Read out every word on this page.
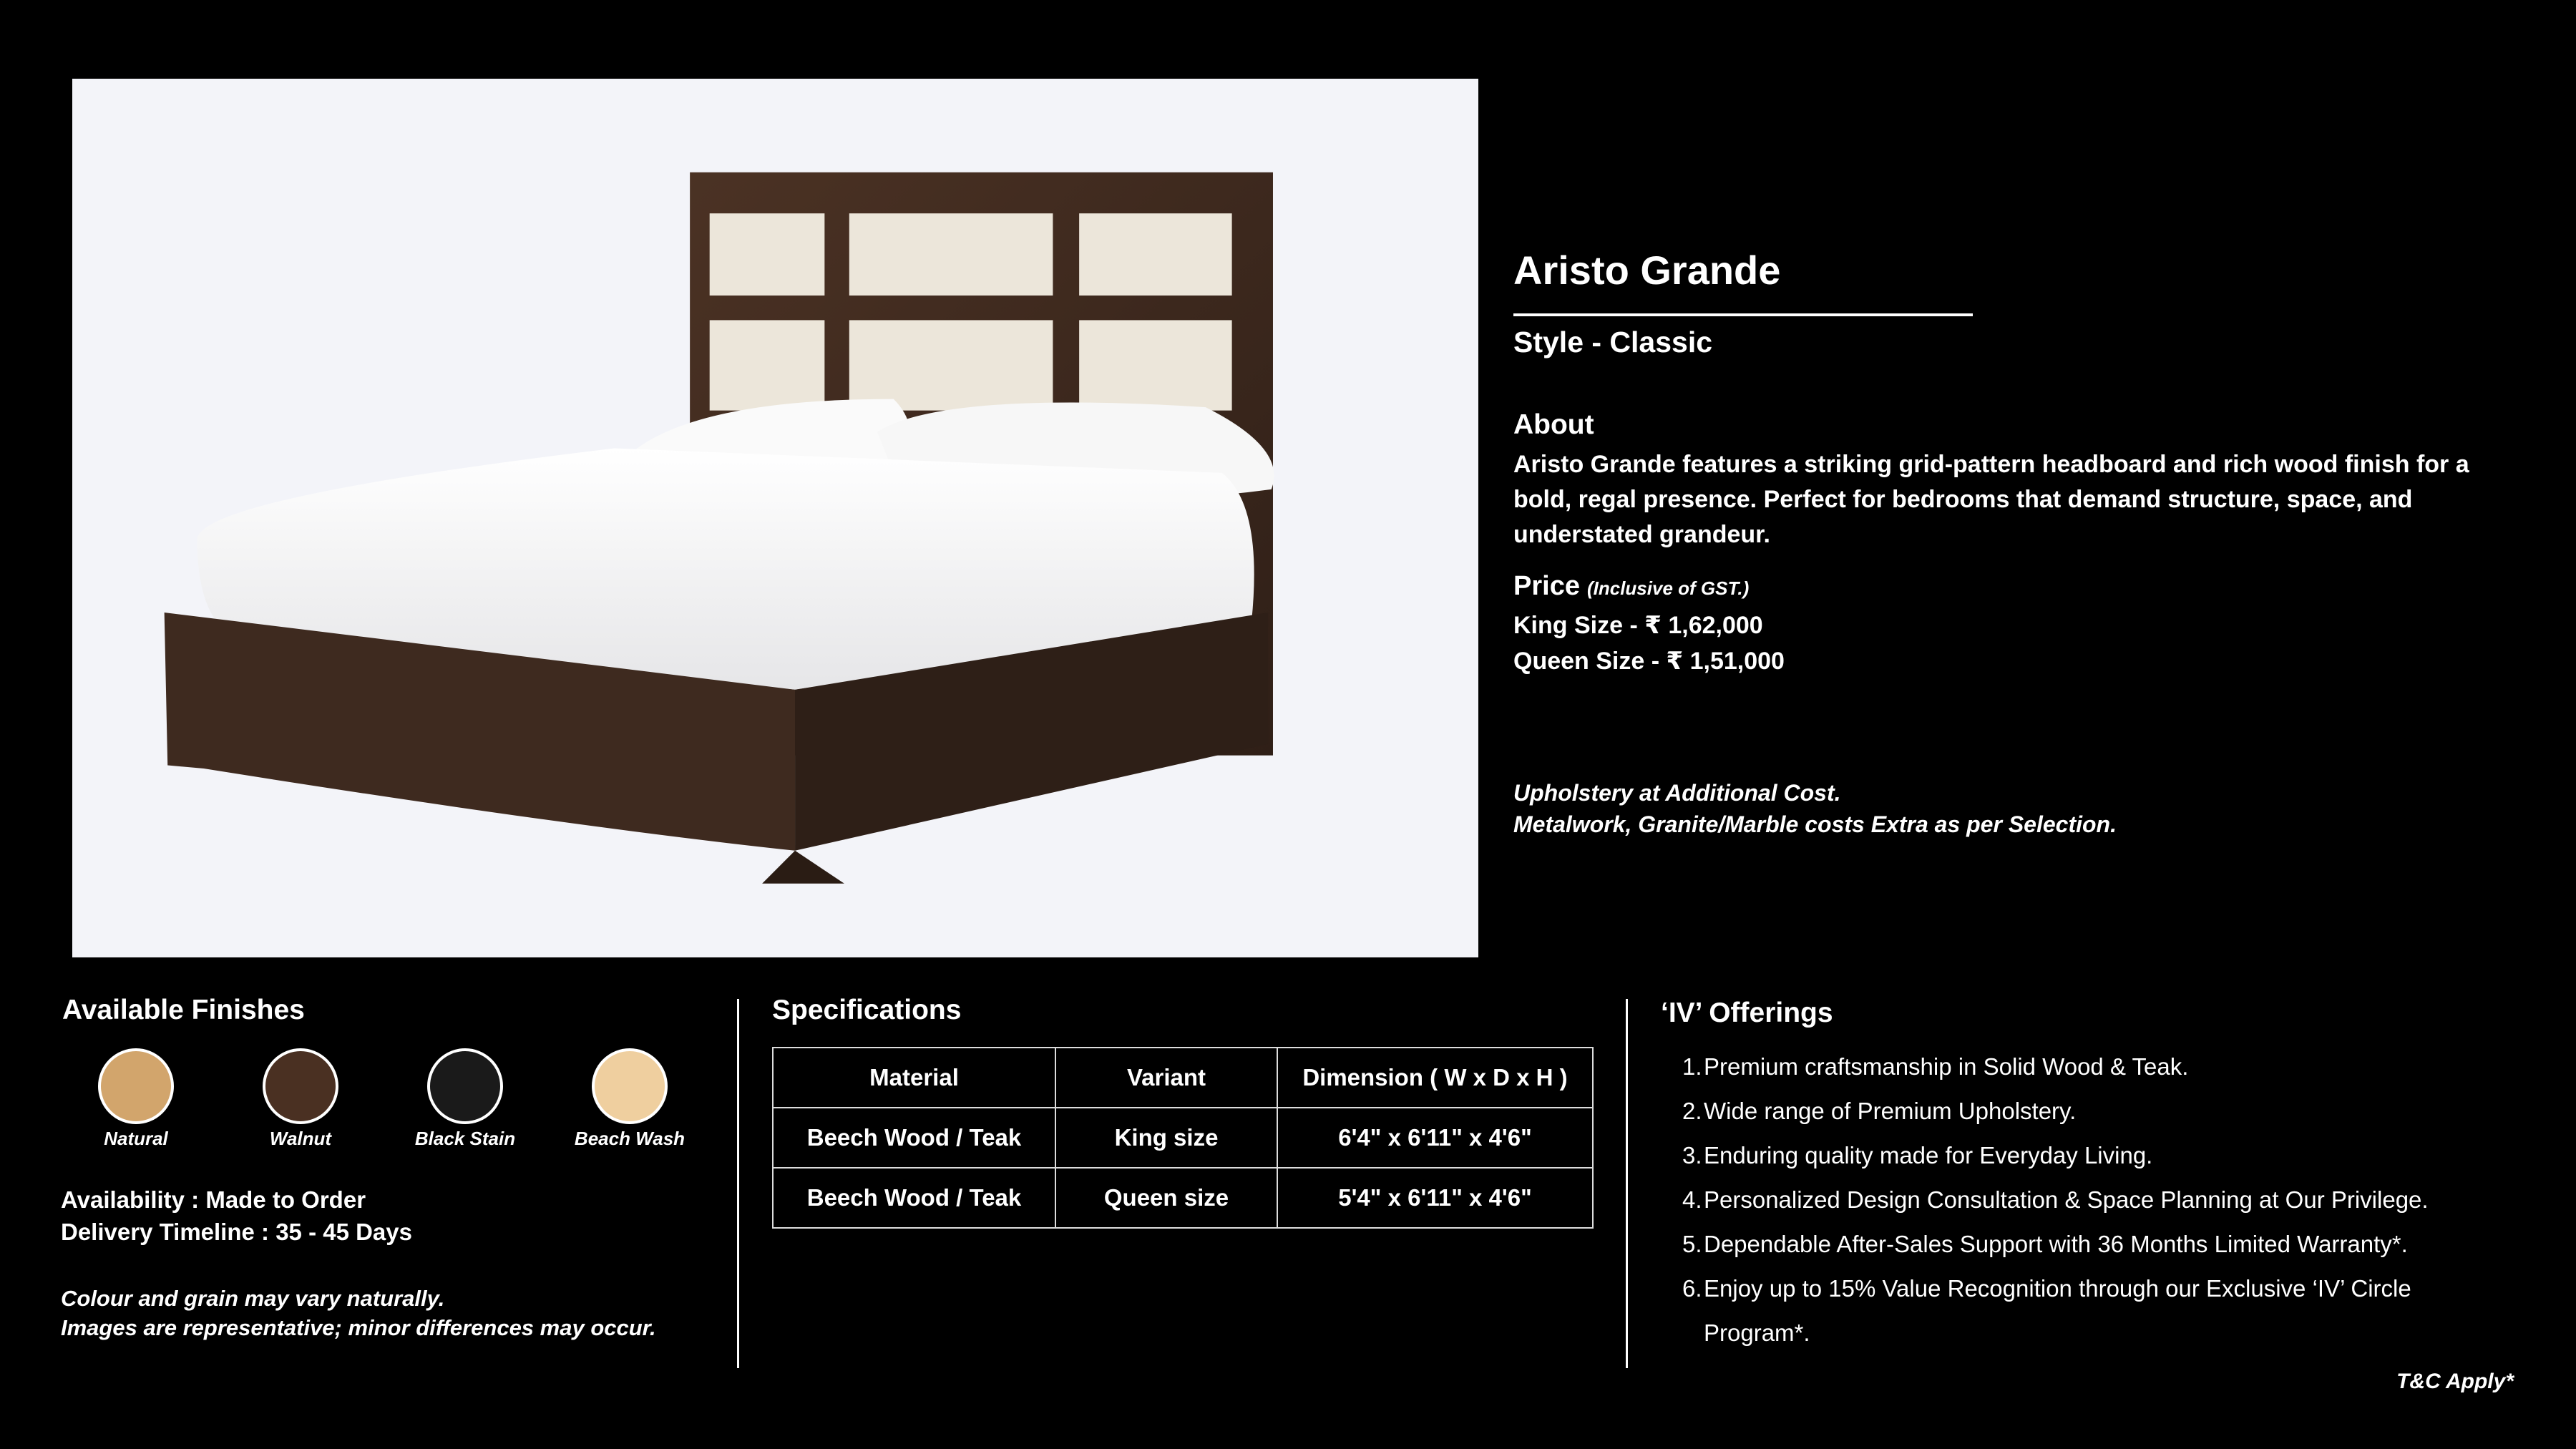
Aristo Grande
Style - Classic
About
Aristo Grande features a striking grid-pattern headboard and rich wood finish for a bold, regal presence. Perfect for bedrooms that demand structure, space, and understated grandeur.
Price (Inclusive of GST.)
King Size - ₹ 1,62,000
Queen Size - ₹ 1,51,000
Upholstery at Additional Cost.
Metalwork, Granite/Marble costs Extra as per Selection.
Available Finishes
Natural	Walnut	Black Stain	Beach Wash
Availability : Made to Order
Delivery Timeline : 35 - 45 Days
Colour and grain may vary naturally.
Images are representative; minor differences may occur.
Specifications
Material	Variant	Dimension ( W x D x H )
Beech Wood / Teak	King size	6'4" x 6'11" x 4'6"
Beech Wood / Teak	Queen size	5'4" x 6'11" x 4'6"
‘IV’ Offerings
1. Premium craftsmanship in Solid Wood & Teak.
2. Wide range of Premium Upholstery.
3. Enduring quality made for Everyday Living.
4. Personalized Design Consultation & Space Planning at Our Privilege.
5. Dependable After-Sales Support with 36 Months Limited Warranty*.
6. Enjoy up to 15% Value Recognition through our Exclusive ‘IV’ Circle Program*.
T&C Apply*
